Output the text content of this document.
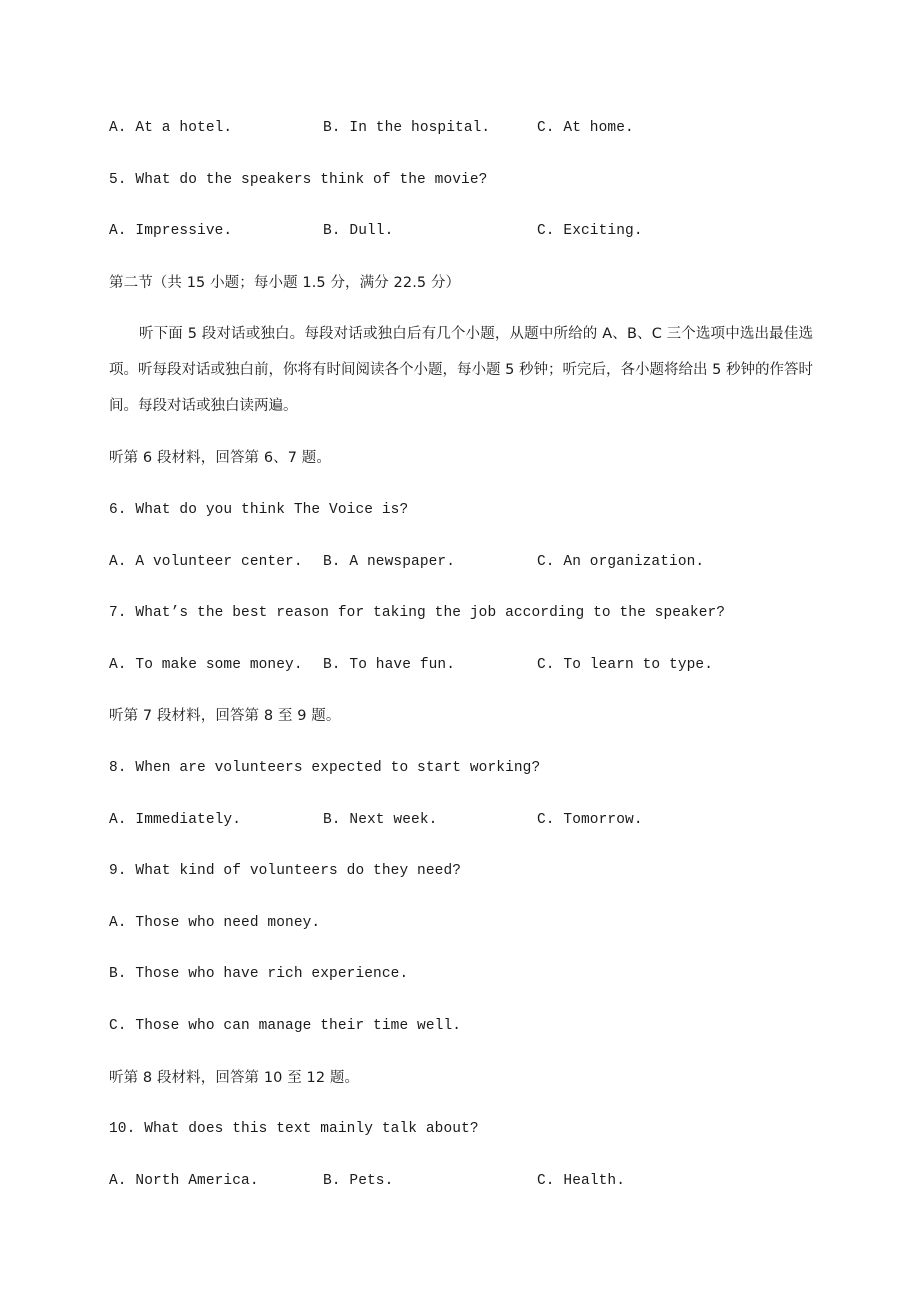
A. At a hotel.	B. In the hospital.	C. At home.
5. What do the speakers think of the movie?
A. Impressive.	B. Dull.	C. Exciting.
第二节（共 15 小题；每小题 1.5 分，满分 22.5 分）
听下面 5 段对话或独白。每段对话或独白后有几个小题，从题中所给的 A、B、C 三个选项中选出最佳选项。听每段对话或独白前，你将有时间阅读各个小题，每小题 5 秒钟；听完后，各小题将给出 5 秒钟的作答时间。每段对话或独白读两遍。
听第 6 段材料，回答第 6、7 题。
6. What do you think The Voice is?
A. A volunteer center. B. A newspaper.	C. An organization.
7. What’s the best reason for taking the job according to the speaker?
A. To make some money. B. To have fun.	C. To learn to type.
听第 7 段材料，回答第 8 至 9 题。
8. When are volunteers expected to start working?
A. Immediately.	B. Next week.	C. Tomorrow.
9. What kind of volunteers do they need?
A. Those who need money.
B. Those who have rich experience.
C. Those who can manage their time well.
听第 8 段材料，回答第 10 至 12 题。
10. What does this text mainly talk about?
A. North America.	B. Pets.	C. Health.
